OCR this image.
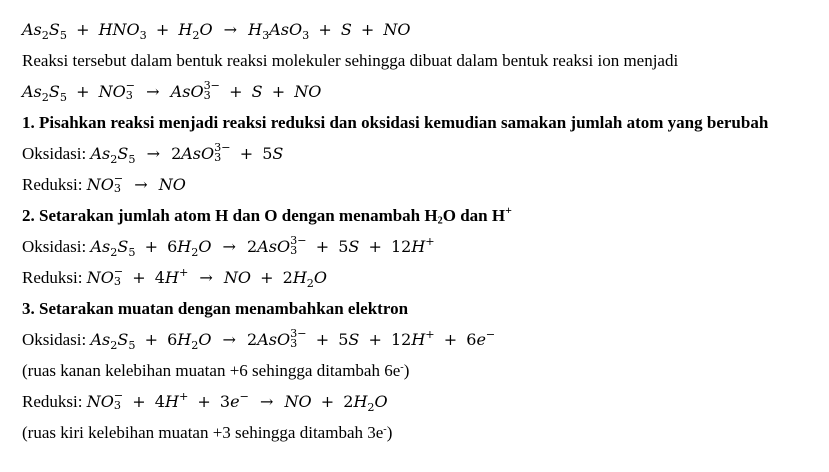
$As_2S_5 + HNO_3 + H_2O \to H_3AsO_3 + S$ + NO
Reaksi tersebut dalam bentuk reaksi molekuler sehingga dibuat dalam bentuk reaksi ion menjadi
$As_2S_5$ + NO −
3 → AsO 3−
3	+ S + NO
1. Pisahkan reaksi menjadi reaksi reduksi dan oksidasi kemudian samakan jumlah atom yang berubah
Oksidasi: $As_2S_5 \to 2AsO$ 3−
3	+ 5S
Reduksi: NO −
3 → NO
2. Setarakan jumlah atom H dan O dengan menambah H2O dan H+
Oksidasi: $As_2S_5 + 6H_2O \to 2AsO$ 3−
3	+ 5S + 12H+
Reduksi: NO −
3 + 4H+ → NO + $2H_2O$
3. Setarakan muatan dengan menambahkan elektron
Oksidasi: $As_2S_5 + 6H_2O \to 2AsO$ 3−
3	+ 5S + 12H+ + 6e−
(ruas kanan kelebihan muatan +6 sehingga ditambah 6e-)
Reduksi: NO −
3 + 4H+ + 3e− → NO + $2H_2O$
(ruas kiri kelebihan muatan +3 sehingga ditambah 3e-)
